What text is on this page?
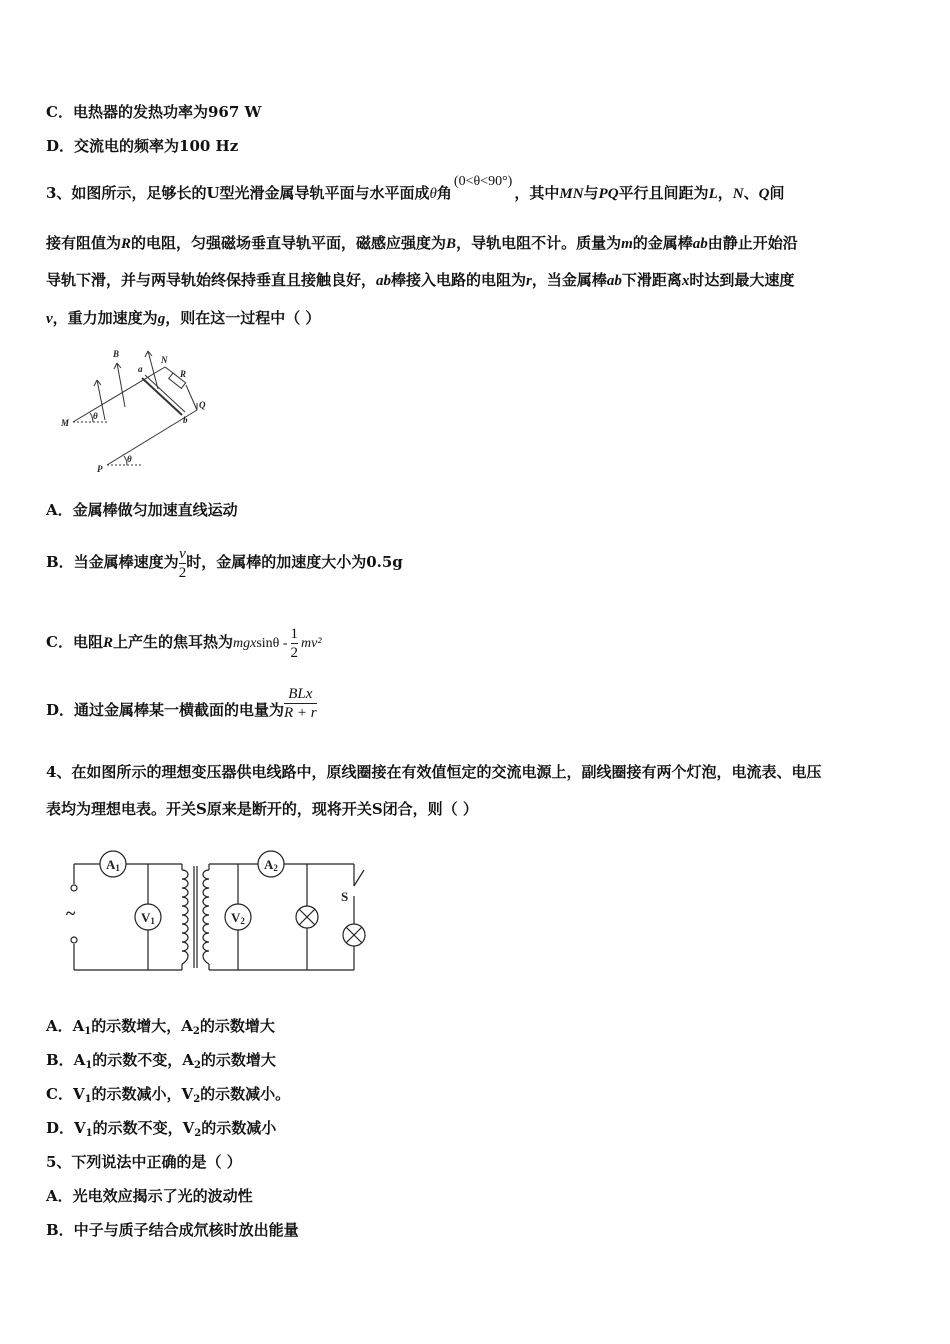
C．电热器的发热功率为967 W
D．交流电的频率为100 Hz
3、如图所示，足够长的U型光滑金属导轨平面与水平面成θ角(0<θ<90°)，其中MN与PQ平行且间距为L，N、Q间
接有阻值为R的电阻，匀强磁场垂直导轨平面，磁感应强度为B，导轨电阻不计。质量为m的金属棒ab由静止开始沿
导轨下滑，并与两导轨始终保持垂直且接触良好，ab棒接入电路的电阻为r，当金属棒ab下滑距离x时达到最大速度
v，重力加速度为g，则在这一过程中（ ）
B
N
a	R
Q
M
θ	b
P
θ
A．金属棒做匀加速直线运动
B．当金属棒速度为 $\frac{v}{2}$ 时，金属棒的加速度大小为0.5g
C．电阻R上产生的焦耳热为mgxsinθ - $\frac{1}{2} mv^2$
D．通过金属棒某一横截面的电量为 $\frac{\text{BLx}}{R + r}$
4、在如图所示的理想变压器供电线路中，原线圈接在有效值恒定的交流电源上，副线圈接有两个灯泡，电流表、电压
表均为理想电表。开关S原来是断开的，现将开关S闭合，则（ ）
A1
V1
A2
V2
S
~
A．$A_1$的示数增大，$A_2$的示数增大
B．$A_1$的示数不变，$A_2$的示数增大
C．$V_1$的示数减小，$V_2$的示数减小。
D．$V_1$的示数不变，$V_2$的示数减小
5、下列说法中正确的是（ ）
A．光电效应揭示了光的波动性
B．中子与质子结合成氘核时放出能量
